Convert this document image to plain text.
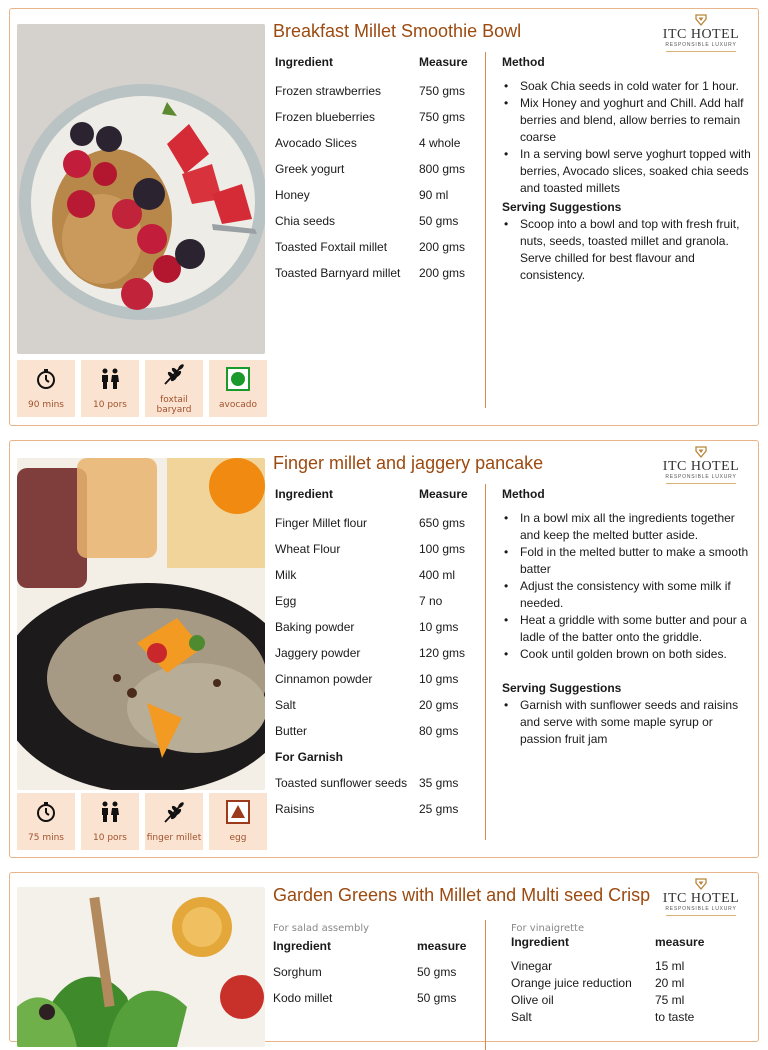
90 mins	10 pors	foxtail baryard	avocado
Breakfast Millet Smoothie Bowl	ITC HOTEL
RESPONSIBLE LUXURY
Ingredient	Measure
Frozen strawberries	750 gms
Frozen blueberries	750 gms
Avocado Slices	4 whole
Greek yogurt	800 gms
Honey	90 ml
Chia seeds	50 gms
Toasted Foxtail millet	200 gms
Toasted Barnyard millet	200 gms
Method
• Soak Chia seeds in cold water for 1 hour.
• Mix Honey and yoghurt and Chill. Add half berries and blend, allow berries to remain coarse
• In a serving bowl serve yoghurt topped with berries, Avocado slices, soaked chia seeds and toasted millets
Serving Suggestions
• Scoop into a bowl and top with fresh fruit, nuts, seeds, toasted millet and granola. Serve chilled for best flavour and consistency.
75 mins	10 pors finger millet	egg
Finger millet and jaggery pancake	ITC HOTEL
RESPONSIBLE LUXURY
Ingredient	Measure
Finger Millet flour	650 gms
Wheat Flour	100 gms
Milk	400 ml
Egg	7 no
Baking powder	10 gms
Jaggery powder	120 gms
Cinnamon powder	10 gms
Salt	20 gms
Butter	80 gms
For Garnish
Toasted sunflower seeds 35 gms
Raisins	25 gms
Method
• In a bowl mix all the ingredients together and keep the melted butter aside.
• Fold in the melted butter to make a smooth batter
• Adjust the consistency with some milk if needed.
• Heat a griddle with some butter and pour a ladle of the batter onto the griddle.
• Cook until golden brown on both sides.
Serving Suggestions
• Garnish with sunflower seeds and raisins and serve with some maple syrup or passion fruit jam
Garden Greens with Millet and Multi seed Crisp ITC HOTEL
RESPONSIBLE LUXURY
For salad assembly
Ingredient	measure
Sorghum	50 gms
Kodo millet	50 gms
For vinaigrette
Ingredient	measure
Vinegar	15 ml
Orange juice reduction	20 ml
Olive oil	75 ml
Salt	to taste
